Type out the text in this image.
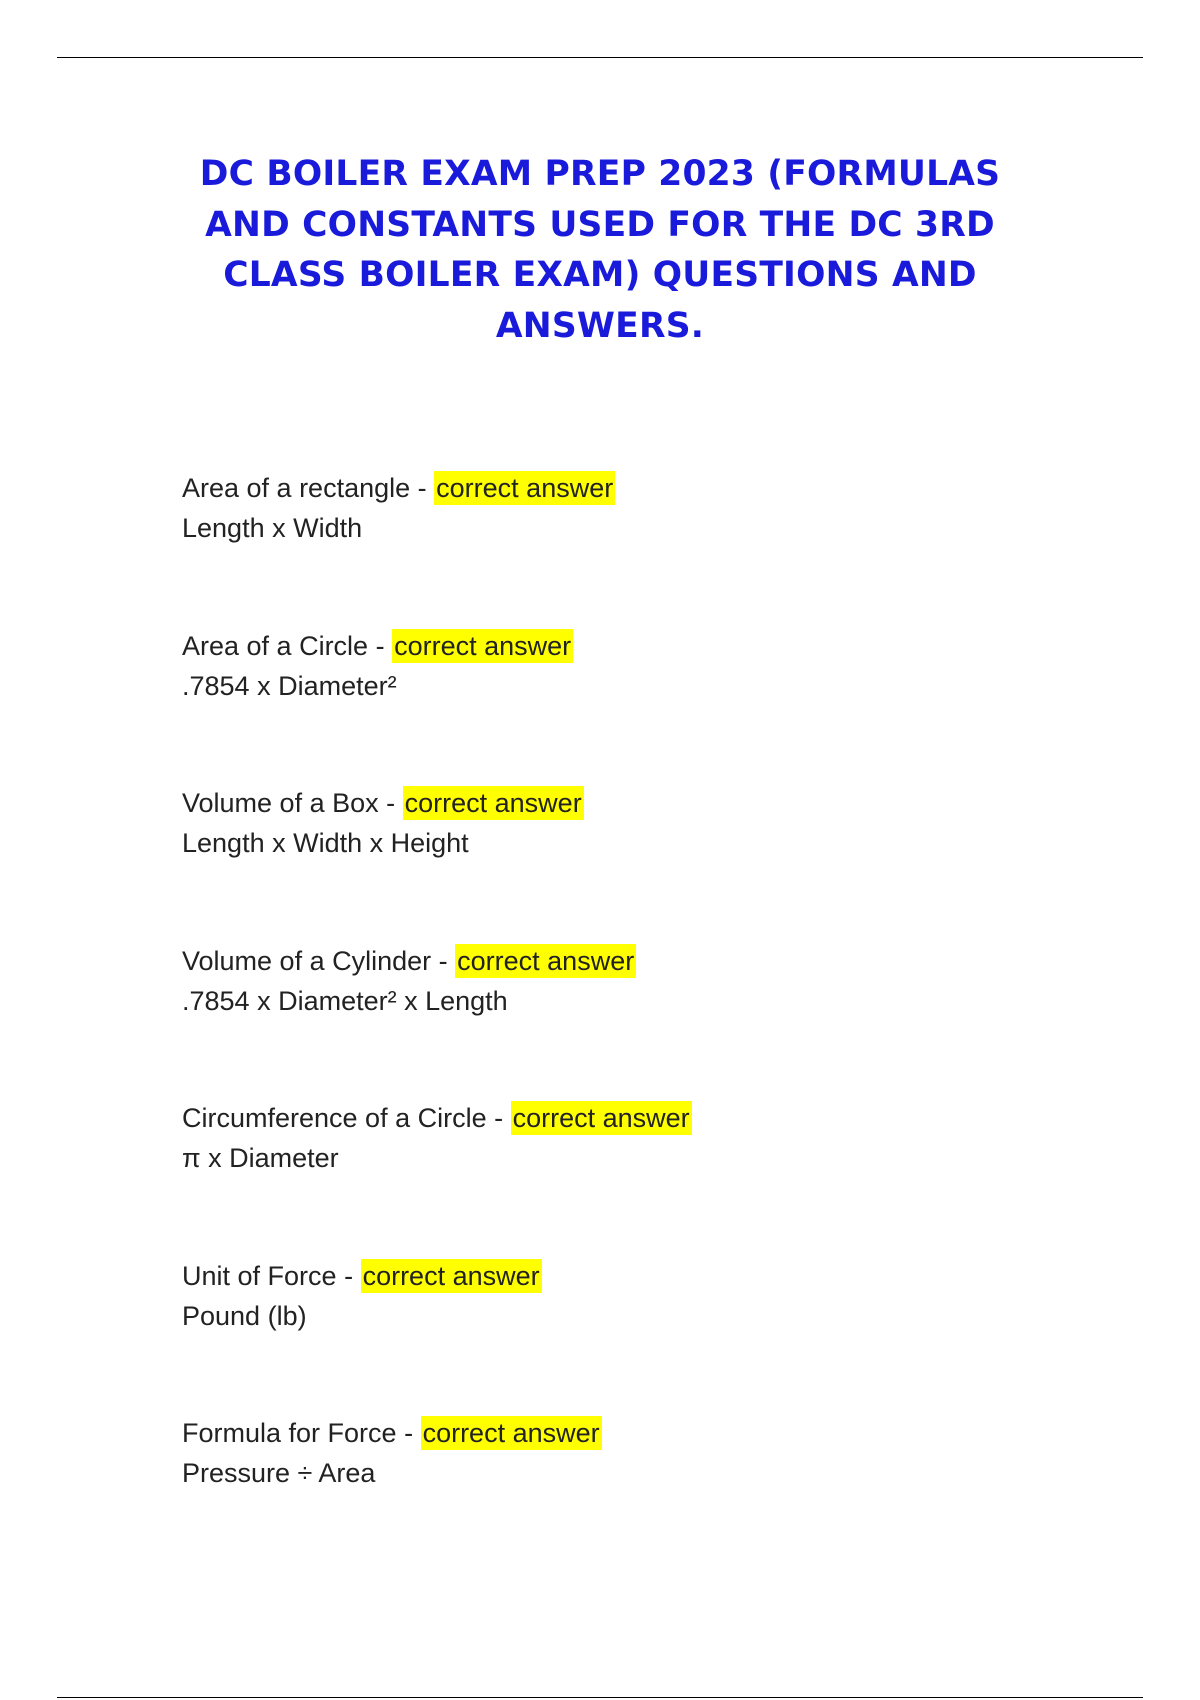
DC BOILER EXAM PREP 2023 (FORMULAS AND CONSTANTS USED FOR THE DC 3RD CLASS BOILER EXAM) QUESTIONS AND ANSWERS.
Area of a rectangle - correct answer
Length x Width
Area of a Circle - correct answer
.7854 x Diameter²
Volume of a Box - correct answer
Length x Width x Height
Volume of a Cylinder - correct answer
.7854 x Diameter² x Length
Circumference of a Circle - correct answer
π x Diameter
Unit of Force - correct answer
Pound (lb)
Formula for Force - correct answer
Pressure ÷ Area
